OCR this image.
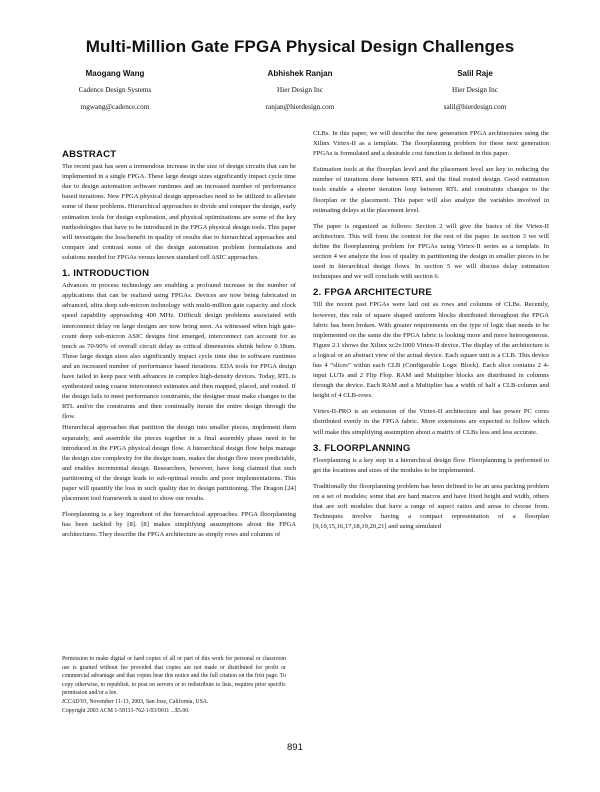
Multi-Million Gate FPGA Physical Design Challenges
Maogang Wang
Cadence Design Systems
mgwang@cadence.com
Abhishek Ranjan
Hier Design Inc
ranjan@hierdesign.com
Salil Raje
Hier Design Inc
salil@hierdesign.com
ABSTRACT

The recent past has seen a tremendous increase in the size of design circuits that can be implemented in a single FPGA. These large design sizes significantly impact cycle time due to design automation software runtimes and an increased number of performance based iterations. New FPGA physical design approaches need to be utilized to alleviate some of these problems. Hierarchical approaches to divide and conquer the design, early estimation tools for design exploration, and physical optimizations are some of the key methodologies that have to be introduced in the FPGA physical design tools. This paper will investigate the loss/benefit in quality of results due to hierarchical approaches and compare and contrast some of the design automation problem formulations and solutions needed for FPGAs versus known standard cell ASIC approaches.

1. INTRODUCTION

Advances in process technology are enabling a profound increase in the number of applications that can be realized using FPGAs. Devices are now being fabricated in advanced, ultra deep sub-micron technology with multi-million gate capacity and clock speed capability approaching 400 MHz. Difficult design problems associated with interconnect delay on large designs are now being seen. As witnessed when high gate-count deep sub-micron ASIC designs first emerged, interconnect can account for as much as 70-90% of overall circuit delay as critical dimensions shrink below 0.18um. These large design sizes also significantly impact cycle time due to software runtimes and an increased number of performance based iterations. EDA tools for FPGA design have failed to keep pace with advances in complex high-density devices. Today, RTL is synthesized using coarse interconnect estimates and then mapped, placed, and routed. If the design fails to meet performance constraints, the designer must make changes to the RTL and/or the constraints and then continually iterate the entire design through the flow.

Hierarchical approaches that partition the design into smaller pieces, implement them separately, and assemble the pieces together in a final assembly phase need to be introduced in the FPGA physical design flow. A hierarchical design flow helps manage the design size complexity for the design team, makes the design flow more predictable, and enables incremental design. Researchers, however, have long claimed that such partitioning of the design leads to sub-optimal results and poor implementations. This paper will quantify the loss in such quality due to design partitioning. The Dragon [24] placement tool framework is used to show our results.

Floorplanning is a key ingredient of the hierarchical approaches. FPGA floorplanning has been tackled by [8]. [8] makes simplifying assumptions about the FPGA architectures. They describe the FPGA architecture as simply rows and columns of

CLBs. In this paper, we will describe the new generation FPGA architectures using the Xilinx Virtex-II as a template. The floorplanning problem for these next generation FPGAs is formulated and a desirable cost function is defined in this paper.

Estimation tools at the floorplan level and the placement level are key to reducing the number of iterations done between RTL and the final routed design. Good estimation tools enable a shorter iteration loop between RTL and constraints changes to the floorplan or the placement. This paper will also analyze the variables involved in estimating delays at the placement level.

The paper is organized as follows: Section 2 will give the basics of the Virtex-II architecture. This will form the context for the rest of the paper. In section 3 we will define the floorplanning problem for FPGAs using Virtex-II series as a template. In section 4 we analyze the loss of quality in partitioning the design in smaller pieces to be used in hierarchical design flows. In section 5 we will discuss delay estimation techniques and we will conclude with section 6.

2. FPGA ARCHITECTURE

Till the recent past FPGAs were laid out as rows and columns of CLBs. Recently, however, this rule of square shaped uniform blocks distributed throughout the FPGA fabric has been broken. With greater requirements on the type of logic that needs to be implemented on the same die the FPGA fabric is looking more and more heterogeneous. Figure 2.1 shows the Xilinx xc2v1000 Virtex-II device. The display of the architecture is a logical or an abstract view of the actual device. Each square unit is a CLB. This device has 4 “slices” within each CLB (Configurable Logic Block). Each slice contains 2 4-input LUTs and 2 Flip Flop. RAM and Multiplier blocks are distributed in columns through the device. Each RAM and a Multiplier has a width of half a CLB-column and height of 4 CLB-rows.

Virtex-II-PRO is an extension of the Virtex-II architecture and has power PC cores distributed evenly in the FPGA fabric. More extensions are expected to follow which will make this simplifying assumption about a matrix of CLBs less and less accurate.

3. FLOORPLANNING

Floorplanning is a key step in a hierarchical design flow. Floorplanning is performed to get the locations and sizes of the modules to be implemented.

Traditionally the floorplanning problem has been defined to be an area packing problem on a set of modules; some that are hard macros and have fixed height and width, others that are soft modules that have a range of aspect ratios and areas to choose from. Techniques involve having a compact representation of a floorplan [9,10,15,16,17,18,19,20,21] and using simulated

Permission to make digital or hard copies of all or part of this work for personal or classroom use is granted without fee provided that copies are not made or distributed for profit or commercial advantage and that copies bear this notice and the full citation on the first page. To copy otherwise, to republish, to post on servers or to redistribute to lists, requires prior specific permission and/or a fee.
ICCAD'03, November 11-13, 2003, San Jose, California, USA.
Copyright 2003 ACM 1-58113-762-1/03/0011 ...$5.00.
891
